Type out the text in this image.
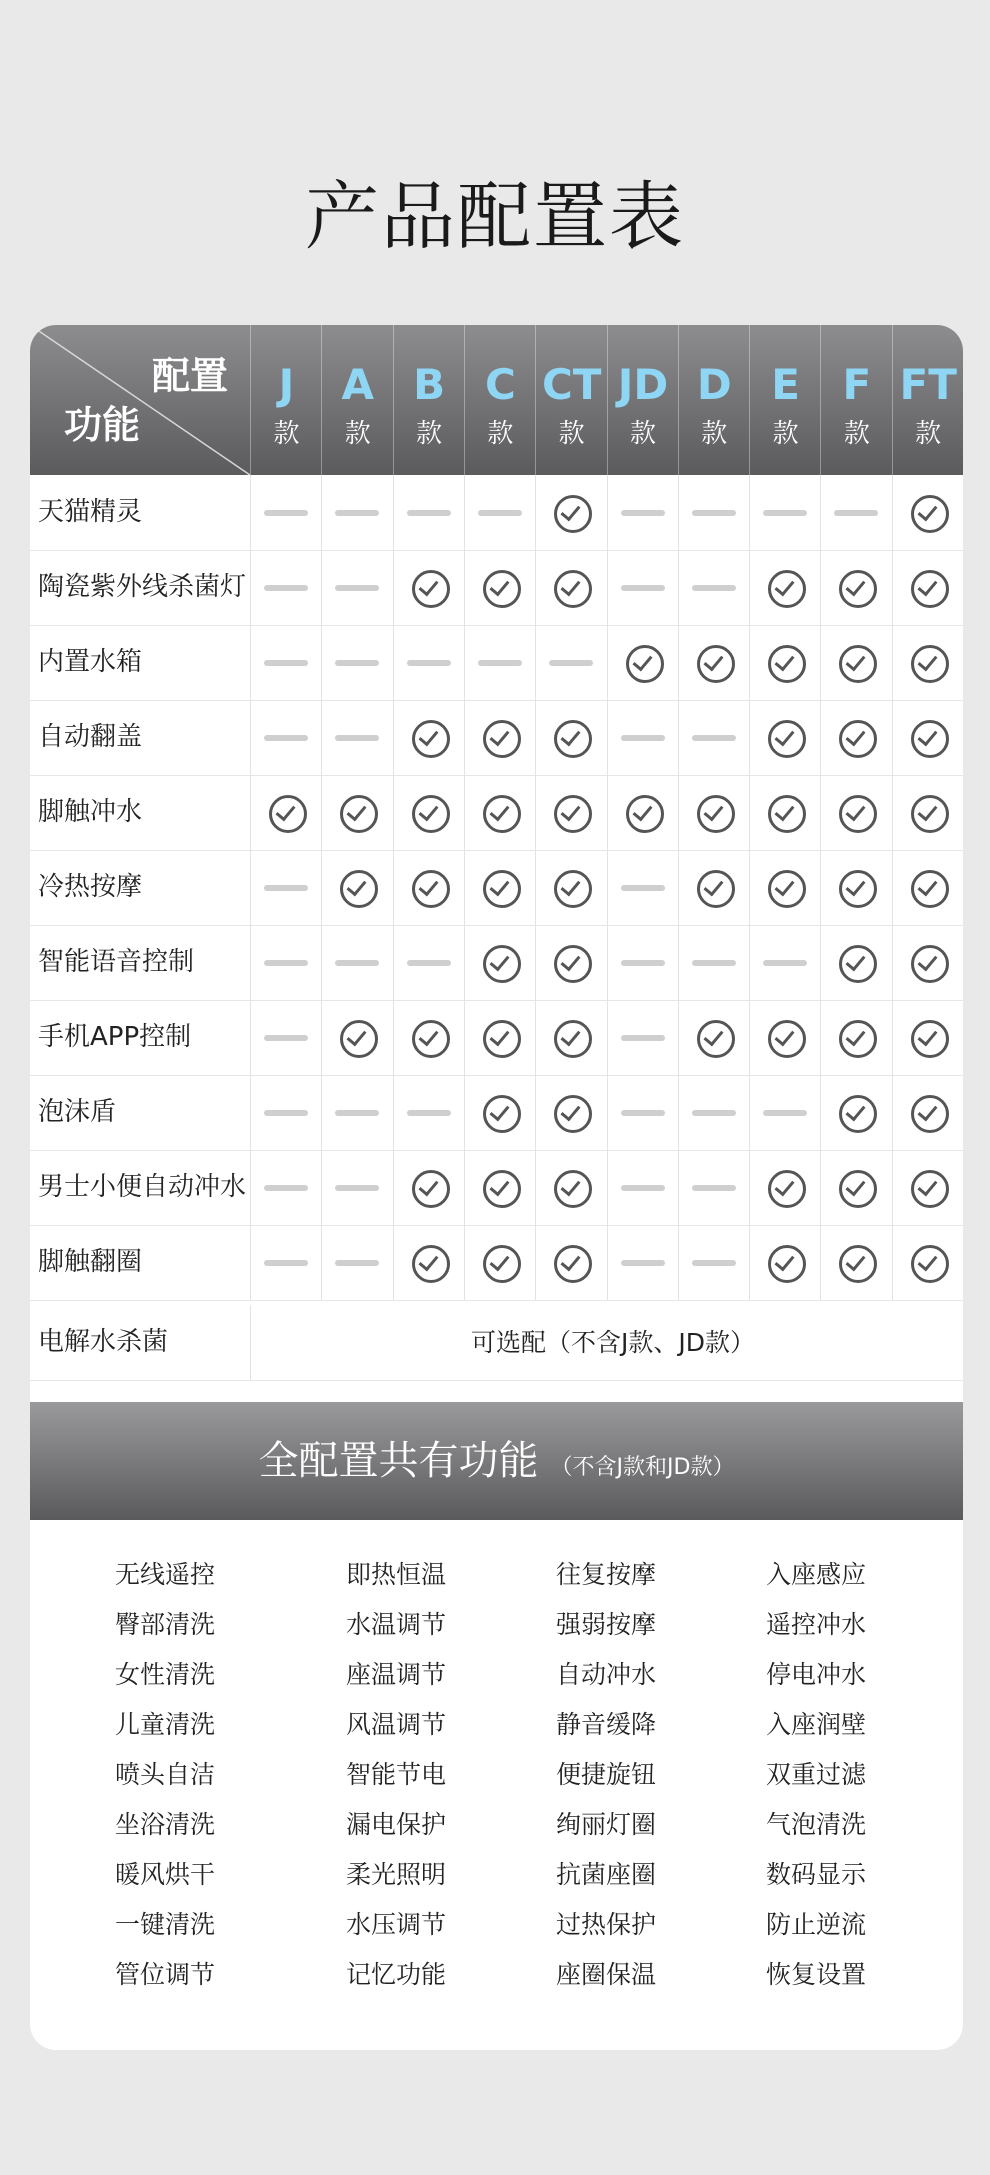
产品配置表
配置
功能
J
款
A
款
B
款
C
款
CT
款
JD
款
D
款
E
款
F
款
FT
款
天猫精灵
陶瓷紫外线杀菌灯
内置水箱
自动翻盖
脚触冲水
冷热按摩
智能语音控制
手机APP控制
泡沫盾
男士小便自动冲水
脚触翻圈
电解水杀菌	可选配（不含J款、JD款）
全配置共有功能 （不含J款和JD款）
无线遥控
臀部清洗
女性清洗
儿童清洗
喷头自洁
坐浴清洗
暖风烘干
一键清洗
管位调节
即热恒温
水温调节
座温调节
风温调节
智能节电
漏电保护
柔光照明
水压调节
记忆功能
往复按摩
强弱按摩
自动冲水
静音缓降
便捷旋钮
绚丽灯圈
抗菌座圈
过热保护
座圈保温
入座感应
遥控冲水
停电冲水
入座润壁
双重过滤
气泡清洗
数码显示
防止逆流
恢复设置
